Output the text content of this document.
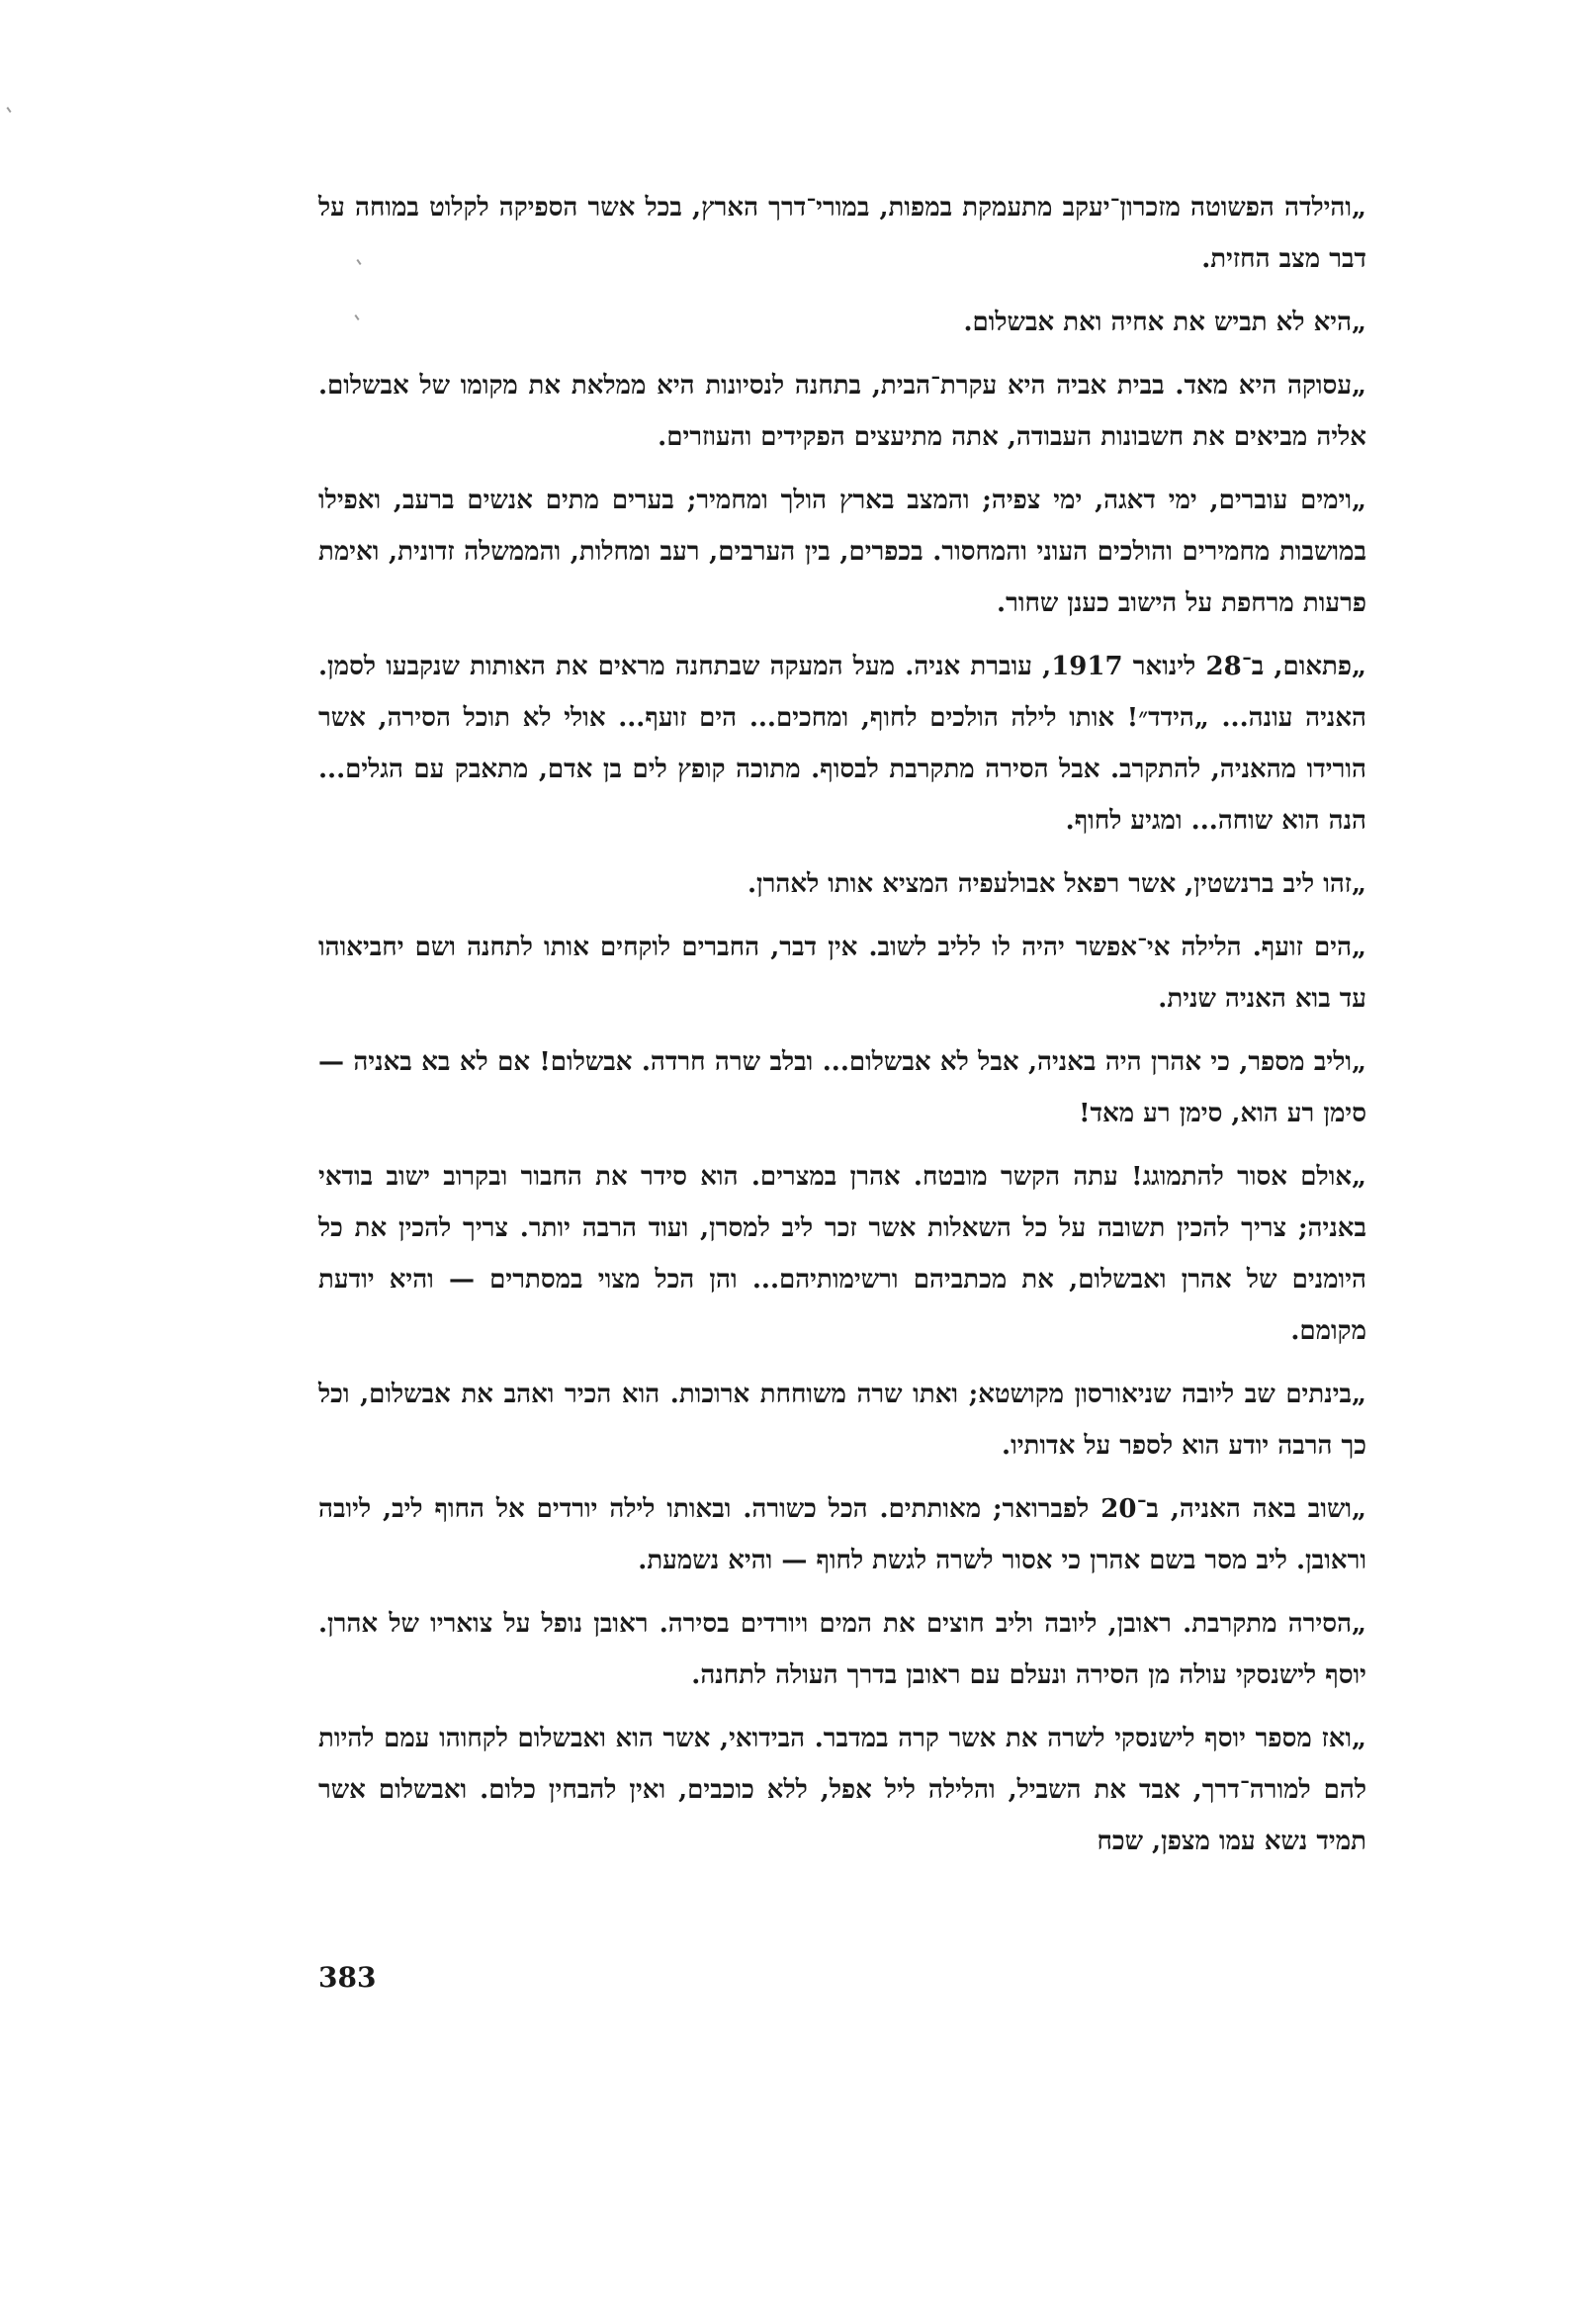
„והילדה הפשוטה מזכרון־יעקב מתעמקת במפות, במורי־דרך הארץ, בכל אשר הספיקה לקלוט במוחה על דבר מצב החזית.

„היא לא תביש את אחיה ואת אבשלום.

„עסוקה היא מאד. בבית אביה היא עקרת־הבית, בתחנה לנסיונות היא ממלאת את מקומו של אבשלום. אליה מביאים את חשבונות העבודה, אתה מתיעצים הפקידים והעוזרים.

„וימים עוברים, ימי דאגה, ימי צפיה; והמצב בארץ הולך ומחמיר; בערים מתים אנשים ברעב, ואפילו במושבות מחמירים והולכים העוני והמחסור. בכפרים, בין הערבים, רעב ומחלות, והממשלה זדונית, ואימת פרעות מרחפת על הישוב כענן שחור.

„פתאום, ב־28 לינואר 1917, עוברת אניה. מעל המעקה שבתחנה מראים את האותות שנקבעו לסמן. האניה עונה... „הידד״! אותו לילה הולכים לחוף, ומחכים... הים זועף... אולי לא תוכל הסירה, אשר הורידו מהאניה, להתקרב. אבל הסירה מתקרבת לבסוף. מתוכה קופץ לים בן אדם, מתאבק עם הגלים... הנה הוא שוחה... ומגיע לחוף.

„זהו ליב ברנשטין, אשר רפאל אבולעפיה המציא אותו לאהרן.

„הים זועף. הלילה אי־אפשר יהיה לו לליב לשוב. אין דבר, החברים לוקחים אותו לתחנה ושם יחביאוהו עד בוא האניה שנית.

„וליב מספר, כי אהרן היה באניה, אבל לא אבשלום... ובלב שרה חרדה. אבשלום! אם לא בא באניה — סימן רע הוא, סימן רע מאד!

„אולם אסור להתמוגג! עתה הקשר מובטח. אהרן במצרים. הוא סידר את החבור ובקרוב ישוב בודאי באניה; צריך להכין תשובה על כל השאלות אשר זכר ליב למסרן, ועוד הרבה יותר. צריך להכין את כל היומנים של אהרן ואבשלום, את מכתביהם ורשימותיהם... והן הכל מצוי במסתרים — והיא יודעת מקומם.

„בינתים שב ליובה שניאורסון מקושטא; ואתו שרה משוחחת ארוכות. הוא הכיר ואהב את אבשלום, וכל כך הרבה יודע הוא לספר על אדותיו.

„ושוב באה האניה, ב־20 לפברואר; מאותתים. הכל כשורה. ובאותו לילה יורדים אל החוף ליב, ליובה וראובן. ליב מסר בשם אהרן כי אסור לשרה לגשת לחוף — והיא נשמעת.

„הסירה מתקרבת. ראובן, ליובה וליב חוצים את המים ויורדים בסירה. ראובן נופל על צואריו של אהרן. יוסף לישנסקי עולה מן הסירה ונעלם עם ראובן בדרך העולה לתחנה.

„ואז מספר יוסף לישנסקי לשרה את אשר קרה במדבר. הבידואי, אשר הוא ואבשלום לקחוהו עמם להיות להם למורה־דרך, אבד את השביל, והלילה ליל אפל, ללא כוכבים, ואין להבחין כלום. ואבשלום אשר תמיד נשא עמו מצפן, שכח

383
